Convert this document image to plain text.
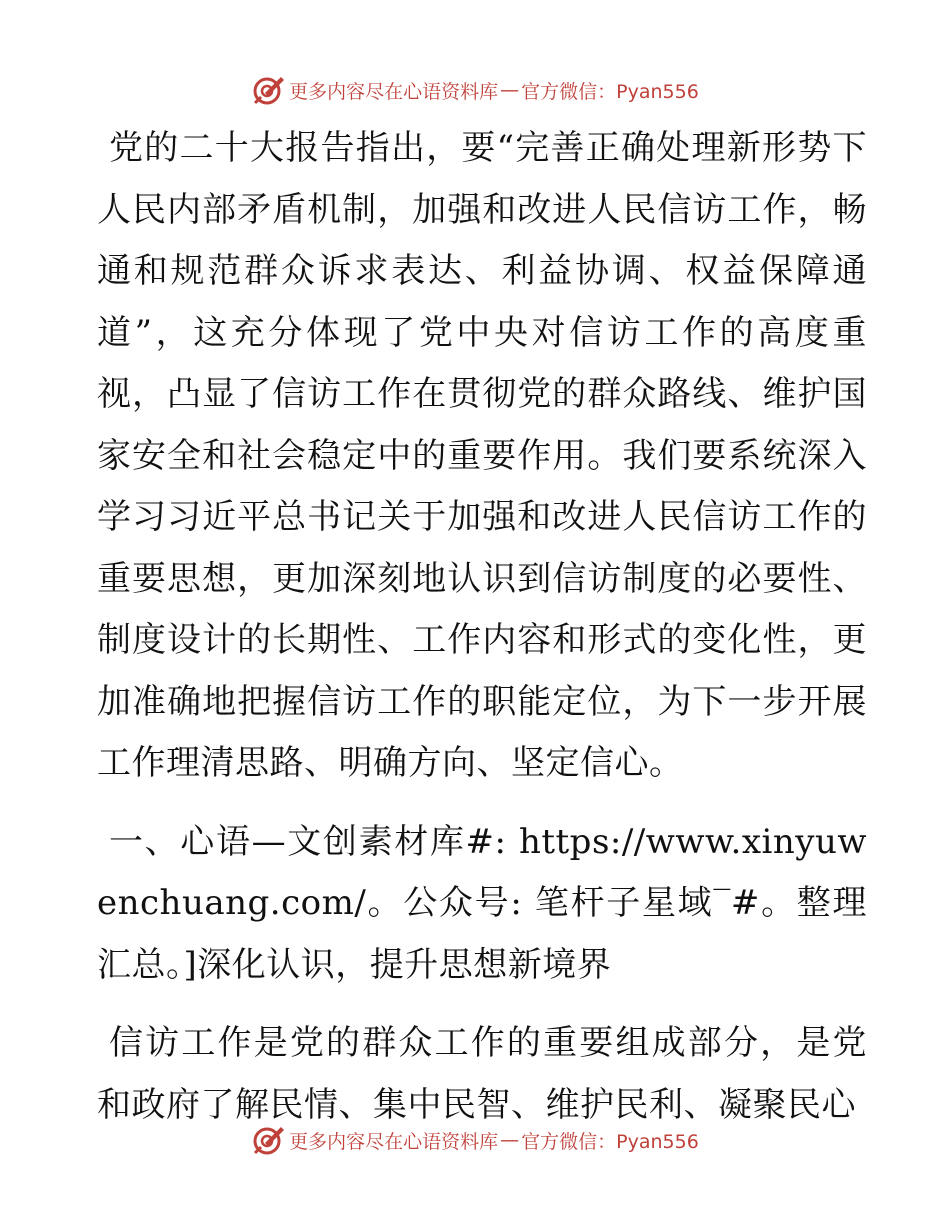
更多内容尽在心语资料库 — 官方微信：Pyan556

党的二十大报告指出，要“完善正确处理新形势下人民内部矛盾机制，加强和改进人民信访工作，畅通和规范群众诉求表达、利益协调、权益保障通道”，这充分体现了党中央对信访工作的高度重视，凸显了信访工作在贯彻党的群众路线、维护国家安全和社会稳定中的重要作用。我们要系统深入学习习近平总书记关于加强和改进人民信访工作的重要思想，更加深刻地认识到信访制度的必要性、制度设计的长期性、工作内容和形式的变化性，更加准确地把握信访工作的职能定位，为下一步开展工作理清思路、明确方向、坚定信心。

一、心语—文创素材库#: https://www.xinyuwenchuang.com/。公众号: 笔杆子星域‾#。整理汇总。]深化认识，提升思想新境界

信访工作是党的群众工作的重要组成部分，是党和政府了解民情、集中民智、维护民利、凝聚民心

更多内容尽在心语资料库 — 官方微信：Pyan556
